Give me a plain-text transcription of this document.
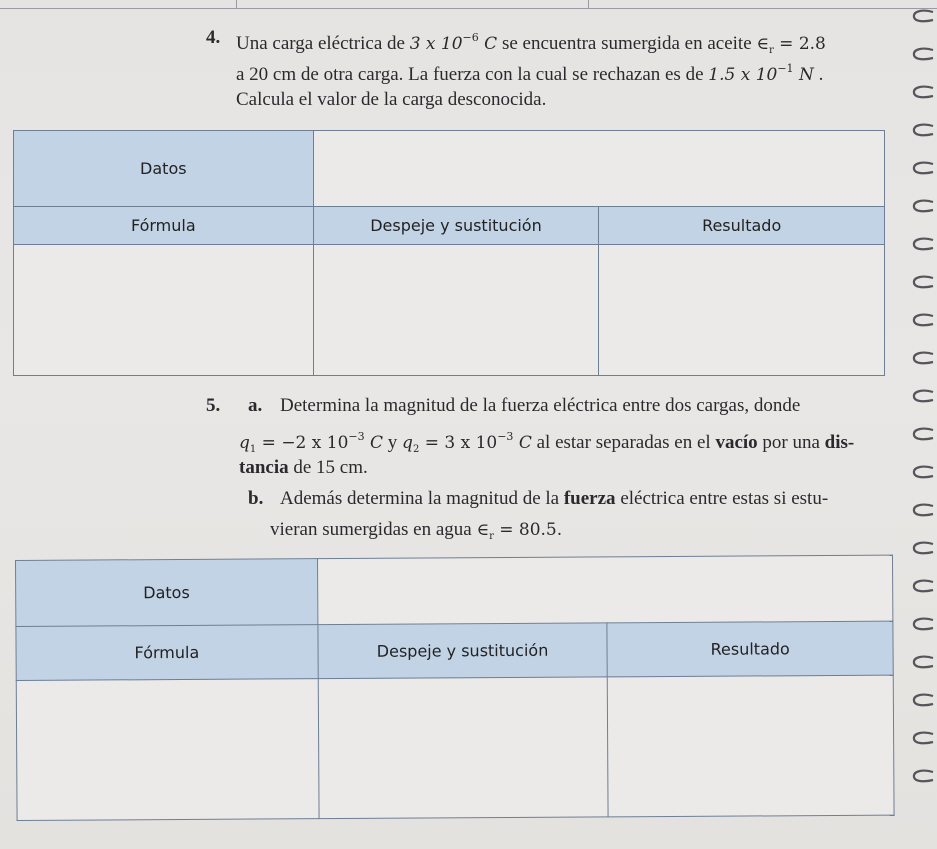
4. Una carga eléctrica de 3 x $10^{-6}$ C se encuentra sumergida en aceite $\in_r = 2.8$
a 20 cm de otra carga. La fuerza con la cual se rechazan es de 1.5 x $10^{-1}$ N .
Calcula el valor de la carga desconocida.
Datos		
Fórmula	Despeje y sustitución	Resultado

5. a. Determina la magnitud de la fuerza eléctrica entre dos cargas, donde
$q_1 = -2$ x $10^{-3}$ C y $q_2 = 3$ x $10^{-3}$ C al estar separadas en el vacío por una dis-
tancia de 15 cm.
b. Además determina la magnitud de la fuerza eléctrica entre estas si estu-
vieran sumergidas en agua $\in_r = 80.5$.
Datos		
Fórmula	Despeje y sustitución	Resultado
